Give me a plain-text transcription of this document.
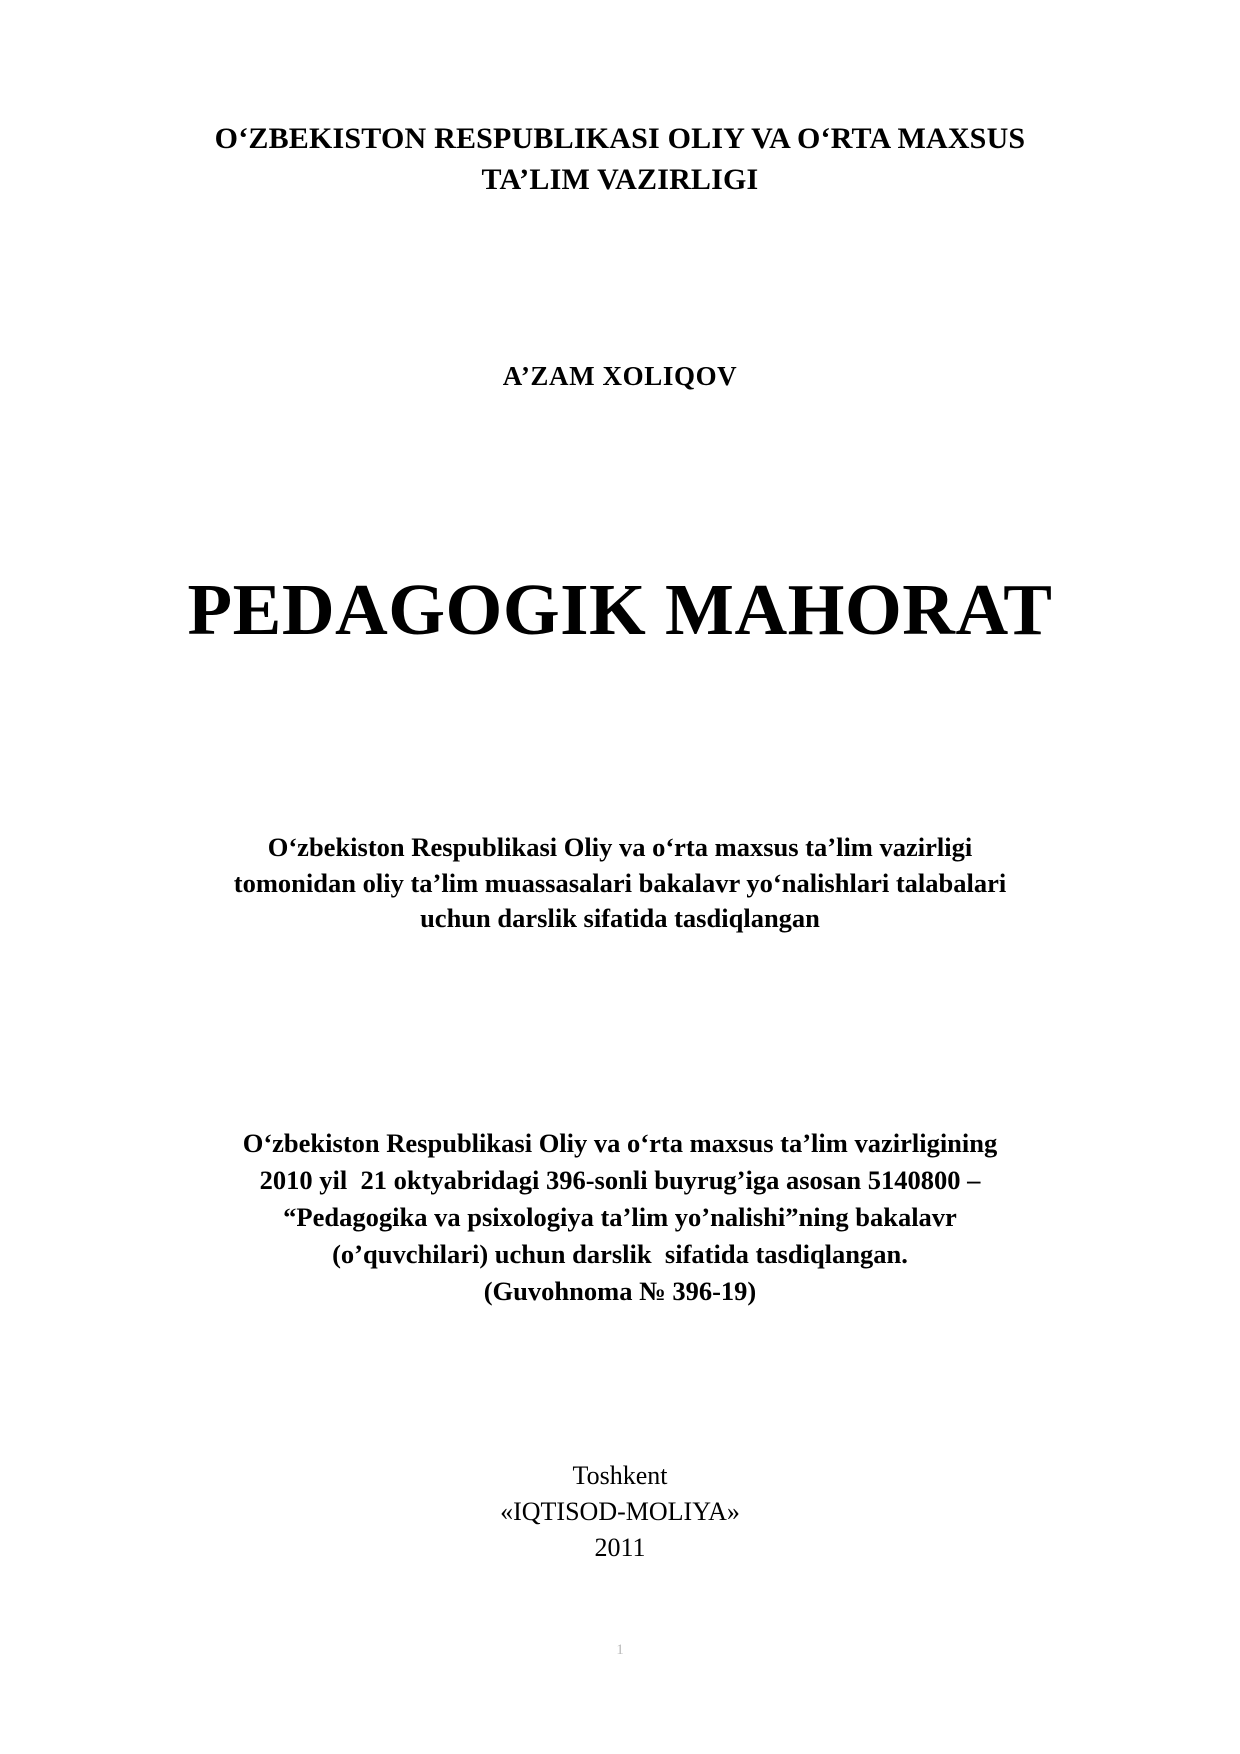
O‘ZBEKISTON RESPUBLIKASI OLIY VA O‘RTA MAXSUS
TA’LIM VAZIRLIGI
A’ZAM XOLIQOV
PEDAGOGIK MAHORAT
O‘zbekiston Respublikasi Oliy va o‘rta maxsus ta’lim vazirligi
tomonidan oliy ta’lim muassasalari bakalavr yo‘nalishlari talabalari
uchun darslik sifatida tasdiqlangan
O‘zbekiston Respublikasi Oliy va o‘rta maxsus ta’lim vazirligining
2010 yil  21 oktyabridagi 396-sonli buyrug’iga asosan 5140800 –
“Pedagogika va psixologiya ta’lim yo’nalishi”ning bakalavr
(o’quvchilari) uchun darslik  sifatida tasdiqlangan.
(Guvohnoma № 396-19)
Toshkent
«IQTISOD-MOLIYA»
2011
1
